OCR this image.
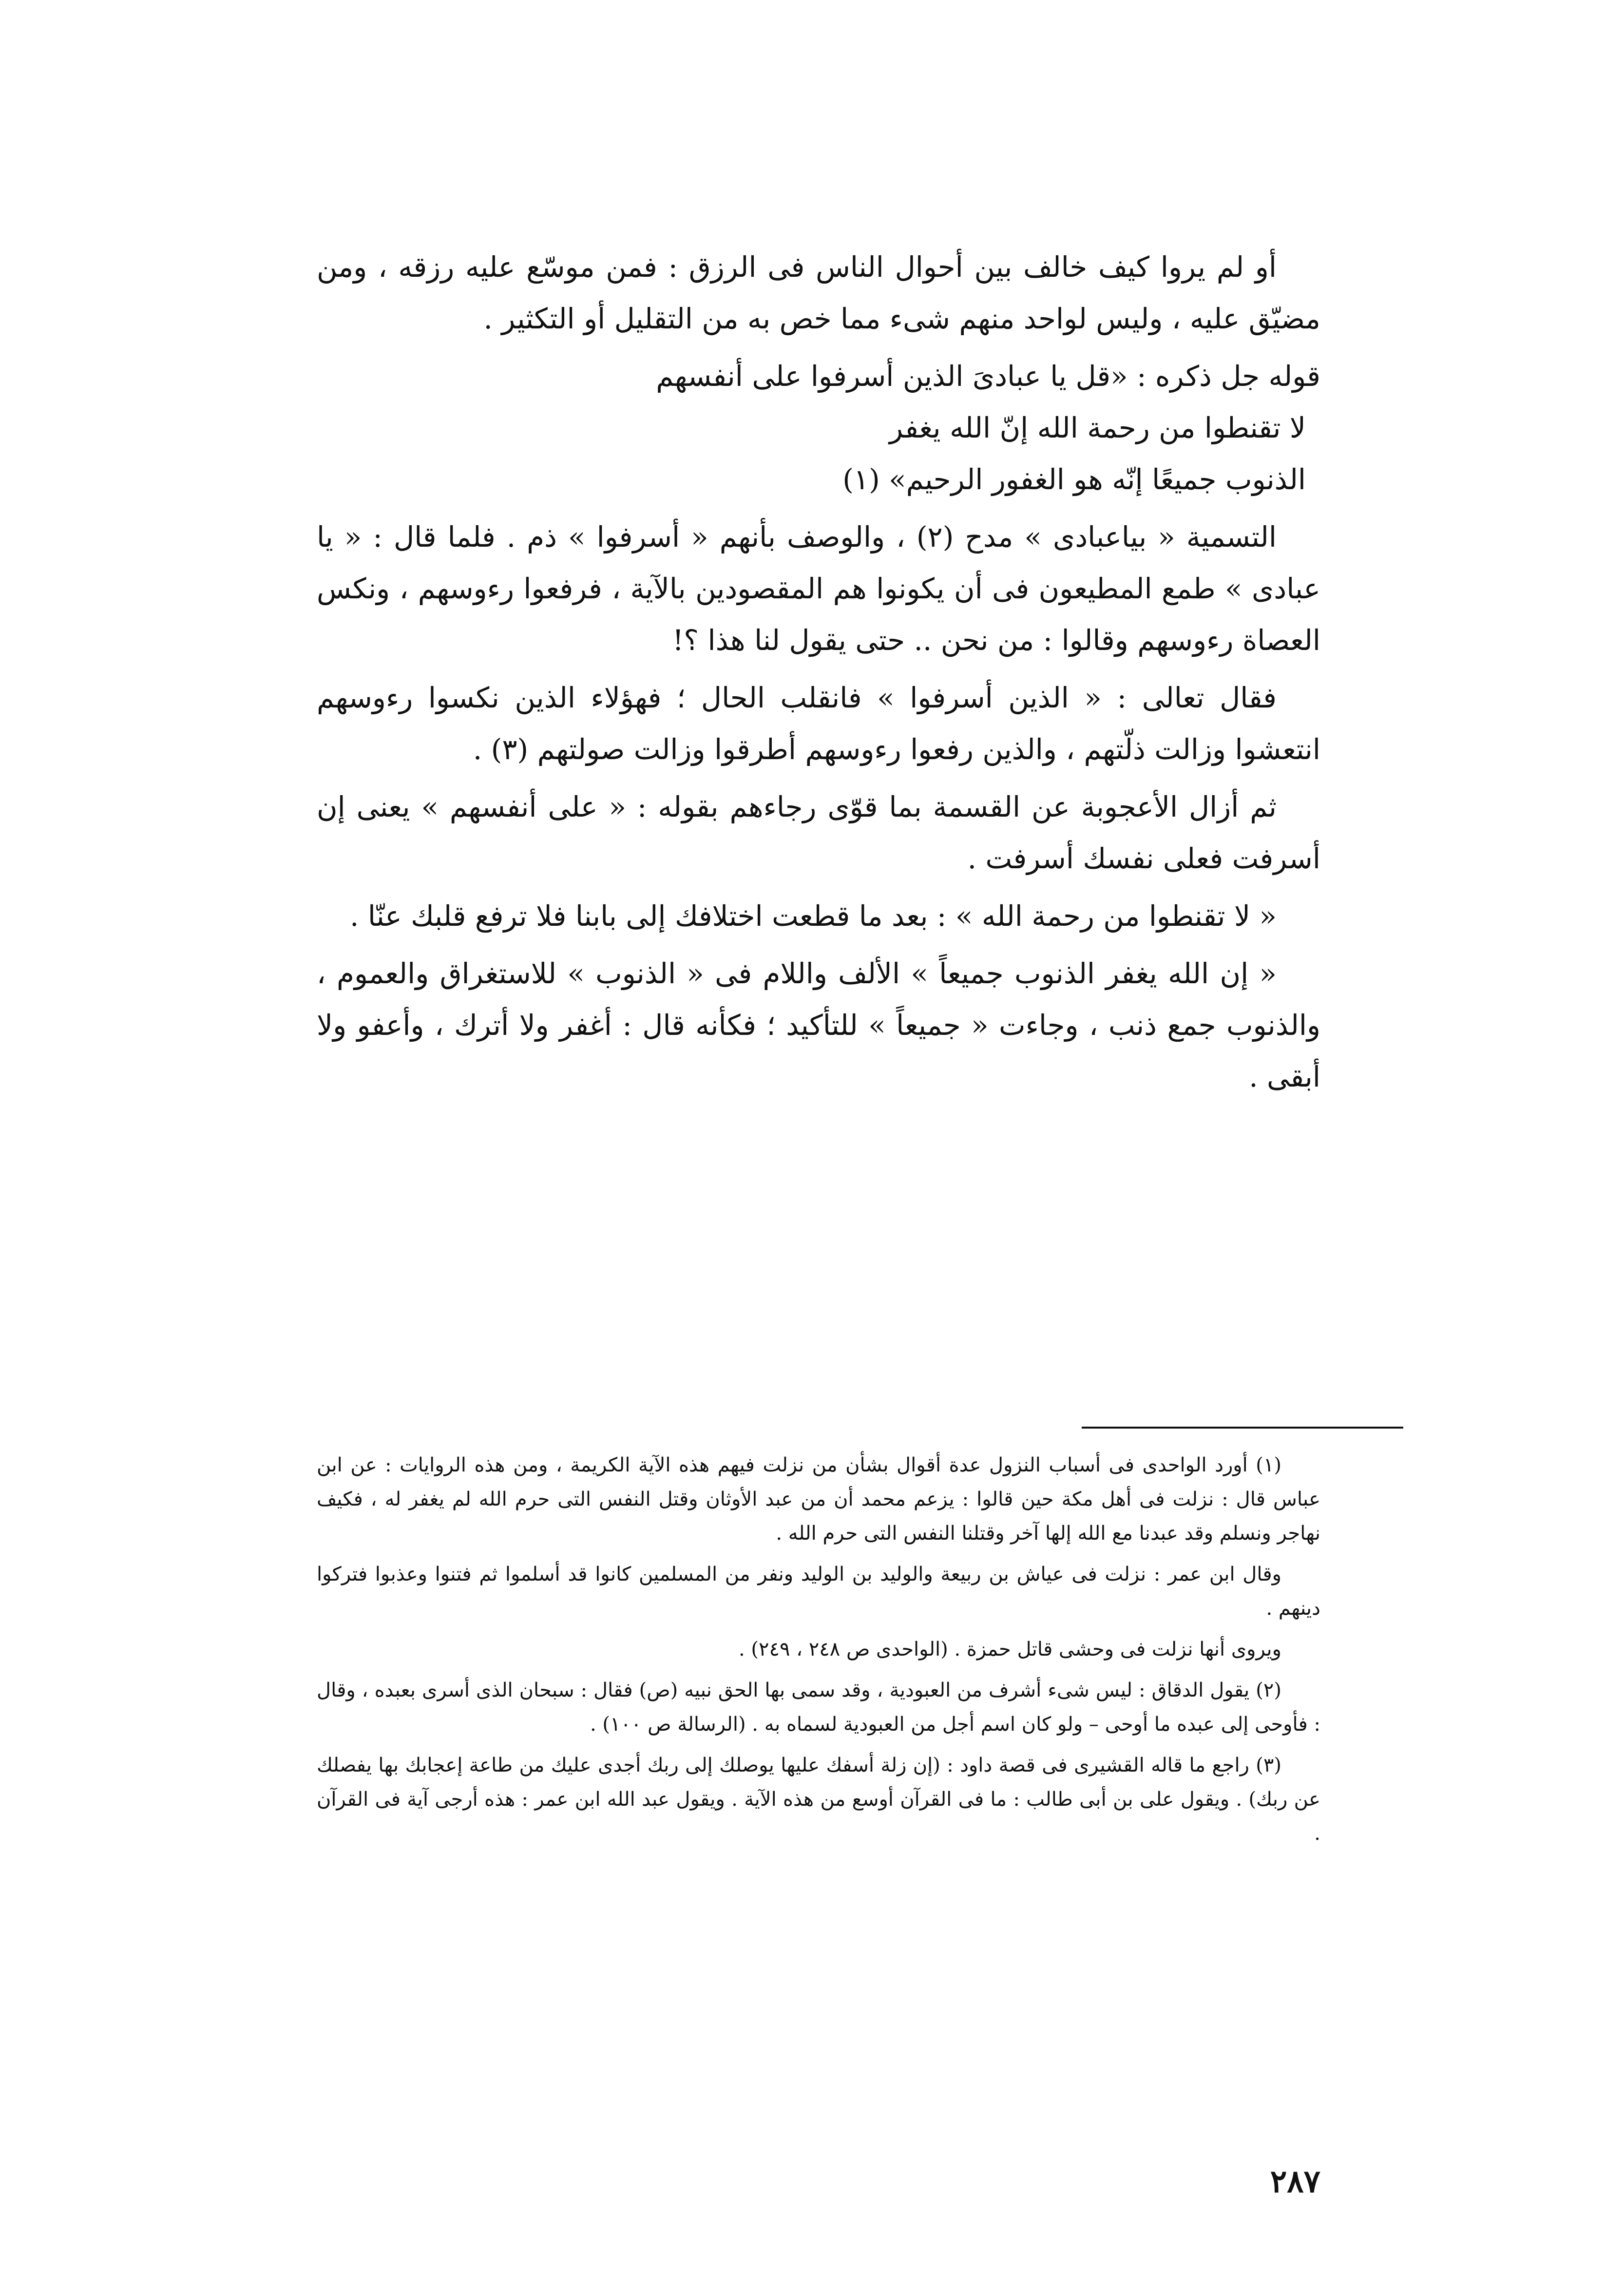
أو لم يروا كيف خالف بين أحوال الناس فى الرزق : فمن موسّع عليه رزقه ، ومن مضيّق عليه ، وليس لواحد منهم شىء مما خص به من التقليل أو التكثير .

قوله جل ذكره : «قل يا عبادىَ الذين أسرفوا على أنفسهم
لا تقنطوا من رحمة الله إنّ الله يغفر
الذنوب جميعًا إنّه هو الغفور الرحيم» (١)

التسمية « بياعبادى » مدح (٢) ، والوصف بأنهم « أسرفوا » ذم . فلما قال : « يا عبادى » طمع المطيعون فى أن يكونوا هم المقصودين بالآية ، فرفعوا رءوسهم ، ونكس العصاة رءوسهم وقالوا : من نحن .. حتى يقول لنا هذا ؟!

فقال تعالى : « الذين أسرفوا » فانقلب الحال ؛ فهؤلاء الذين نكسوا رءوسهم انتعشوا وزالت ذلّتهم ، والذين رفعوا رءوسهم أطرقوا وزالت صولتهم (٣) .

ثم أزال الأعجوبة عن القسمة بما قوّى رجاءهم بقوله : « على أنفسهم » يعنى إن أسرفت فعلى نفسك أسرفت .

« لا تقنطوا من رحمة الله » : بعد ما قطعت اختلافك إلى بابنا فلا ترفع قلبك عنّا .

« إن الله يغفر الذنوب جميعاً » الألف واللام فى « الذنوب » للاستغراق والعموم ، والذنوب جمع ذنب ، وجاءت « جميعاً » للتأكيد ؛ فكأنه قال : أغفر ولا أترك ، وأعفو ولا أبقى .

(١) أورد الواحدى فى أسباب النزول عدة أقوال بشأن من نزلت فيهم هذه الآية الكريمة ، ومن هذه الروايات : عن ابن عباس قال : نزلت فى أهل مكة حين قالوا : يزعم محمد أن من عبد الأوثان وقتل النفس التى حرم الله لم يغفر له ، فكيف نهاجر ونسلم وقد عبدنا مع الله إلها آخر وقتلنا النفس التى حرم الله .

وقال ابن عمر : نزلت فى عياش بن ربيعة والوليد بن الوليد ونفر من المسلمين كانوا قد أسلموا ثم فتنوا وعذبوا فتركوا دينهم .

ويروى أنها نزلت فى وحشى قاتل حمزة . (الواحدى ص ٢٤٨ ، ٢٤٩) .

(٢) يقول الدقاق : ليس شىء أشرف من العبودية ، وقد سمى بها الحق نبيه (ص) فقال : سبحان الذى أسرى بعبده ، وقال : فأوحى إلى عبده ما أوحى – ولو كان اسم أجل من العبودية لسماه به . (الرسالة ص ١٠٠) .

(٣) راجع ما قاله القشيرى فى قصة داود : (إن زلة أسفك عليها يوصلك إلى ربك أجدى عليك من طاعة إعجابك بها يفصلك عن ربك) . ويقول على بن أبى طالب : ما فى القرآن أوسع من هذه الآية . ويقول عبد الله ابن عمر : هذه أرجى آية فى القرآن .

٢٨٧
